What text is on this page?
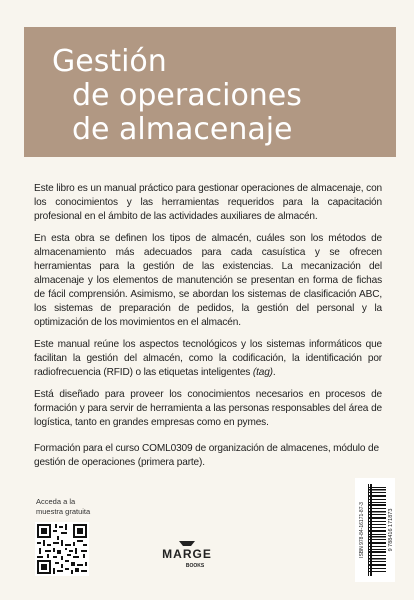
Gestión
de operaciones
de almacenaje

Este libro es un manual práctico para gestionar operaciones de almacenaje, con los conocimientos y las herramientas requeridos para la capacitación profesional en el ámbito de las actividades auxiliares de almacén.

En esta obra se definen los tipos de almacén, cuáles son los métodos de almacenamiento más adecuados para cada casuística y se ofrecen herramientas para la gestión de las existencias. La mecanización del almacenaje y los elementos de manutención se presentan en forma de fichas de fácil comprensión. Asimismo, se abordan los sistemas de clasificación ABC, los sistemas de preparación de pedidos, la gestión del personal y la optimización de los movimientos en el almacén.

Este manual reúne los aspectos tecnológicos y los sistemas informáticos que facilitan la gestión del almacén, como la codificación, la identificación por radiofrecuencia (RFID) o las etiquetas inteligentes (tag).

Está diseñado para proveer los conocimientos necesarios en procesos de formación y para servir de herramienta a las personas responsables del área de logística, tanto en grandes empresas como en pymes.

Formación para el curso COML0309 de organización de almacenes, módulo de gestión de operaciones (primera parte).

Acceda a la
muestra gratuita
MARGE
BOOKS
ISBN 978-84-16171-87-3	9 788416 171873
